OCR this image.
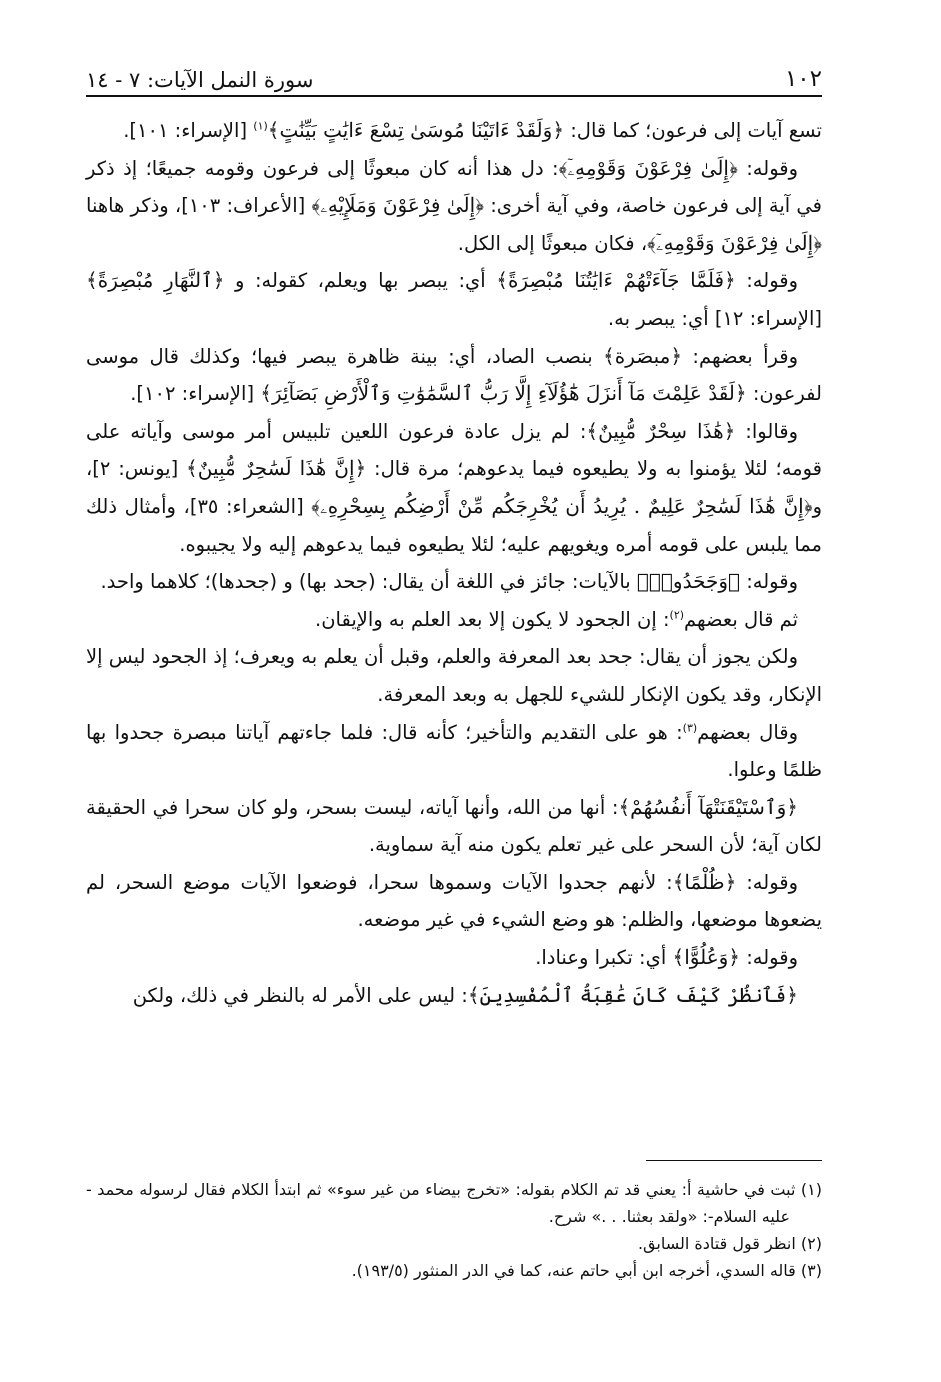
١٠٢
سورة النمل الآيات: ٧ - ١٤

تسع آيات إلى فرعون؛ كما قال: ﴿وَلَقَدْ ءَاتَيْنَا مُوسَىٰ تِسْعَ ءَايَٰتٍ بَيِّنَٰتٍ﴾$^{(١)}$ [الإسراء: ١٠١].

وقوله: ﴿إِلَىٰ فِرْعَوْنَ وَقَوْمِهِۦٓ﴾: دل هذا أنه كان مبعوثًا إلى فرعون وقومه جميعًا؛ إذ ذكر في آية إلى فرعون خاصة، وفي آية أخرى: ﴿إِلَىٰ فِرْعَوْنَ وَمَلَإِيْهِۦ﴾ [الأعراف: ١٠٣]، وذكر هاهنا ﴿إِلَىٰ فِرْعَوْنَ وَقَوْمِهِۦٓ﴾، فكان مبعوثًا إلى الكل.

وقوله: ﴿فَلَمَّا جَآءَتْهُمْ ءَايَٰتُنَا مُبْصِرَةً﴾ أي: يبصر بها ويعلم، كقوله: و ﴿ٱلنَّهَارِ مُبْصِرَةً﴾ [الإسراء: ١٢] أي: يبصر به.

وقرأ بعضهم: ﴿مبصَرة﴾ بنصب الصاد، أي: بينة ظاهرة يبصر فيها؛ وكذلك قال موسى لفرعون: ﴿لَقَدْ عَلِمْتَ مَآ أَنزَلَ هَٰٓؤُلَآءِ إِلَّا رَبُّ ٱلسَّمَٰوَٰتِ وَٱلْأَرْضِ بَصَآئِرَ﴾ [الإسراء: ١٠٢].

وقالوا: ﴿هَٰذَا سِحْرٌ مُّبِينٌ﴾: لم يزل عادة فرعون اللعين تلبيس أمر موسى وآياته على قومه؛ لئلا يؤمنوا به ولا يطيعوه فيما يدعوهم؛ مرة قال: ﴿إِنَّ هَٰذَا لَسَٰحِرٌ مُّبِينٌ﴾ [يونس: ٢]، و﴿إِنَّ هَٰذَا لَسَٰحِرٌ عَلِيمٌ . يُرِيدُ أَن يُخْرِجَكُم مِّنْ أَرْضِكُم بِسِحْرِهِۦ﴾ [الشعراء: ٣٥]، وأمثال ذلك مما يلبس على قومه أمره ويغويهم عليه؛ لئلا يطيعوه فيما يدعوهم إليه ولا يجيبوه.

وقوله: ﴿وَجَحَدُوا۟﴾ بالآيات: جائز في اللغة أن يقال: (جحد بها) و (جحدها)؛ كلاهما واحد.

ثم قال بعضهم$^{(٢)}$: إن الجحود لا يكون إلا بعد العلم به والإيقان.

ولكن يجوز أن يقال: جحد بعد المعرفة والعلم، وقبل أن يعلم به ويعرف؛ إذ الجحود ليس إلا الإنكار، وقد يكون الإنكار للشيء للجهل به وبعد المعرفة.

وقال بعضهم$^{(٣)}$: هو على التقديم والتأخير؛ كأنه قال: فلما جاءتهم آياتنا مبصرة جحدوا بها ظلمًا وعلوا.

﴿وَٱسْتَيْقَنَتْهَآ أَنفُسُهُمْ﴾: أنها من الله، وأنها آياته، ليست بسحر، ولو كان سحرا في الحقيقة لكان آية؛ لأن السحر على غير تعلم يكون منه آية سماوية.

وقوله: ﴿ظُلْمًا﴾: لأنهم جحدوا الآيات وسموها سحرا، فوضعوا الآيات موضع السحر، لم يضعوها موضعها، والظلم: هو وضع الشيء في غير موضعه.

وقوله: ﴿وَعُلُوًّا﴾ أي: تكبرا وعنادا.

﴿فَٱنظُرْ كَيْفَ كَانَ عَٰقِبَةُ ٱلْمُفْسِدِينَ﴾: ليس على الأمر له بالنظر في ذلك، ولكن

(١) ثبت في حاشية أ: يعني قد تم الكلام بقوله: «تخرج بيضاء من غير سوء» ثم ابتدأ الكلام فقال لرسوله محمد - عليه السلام-: «ولقد بعثنا. . .» شرح.

(٢) انظر قول قتادة السابق.

(٣) قاله السدي، أخرجه ابن أبي حاتم عنه، كما في الدر المنثور (١٩٣/٥).
